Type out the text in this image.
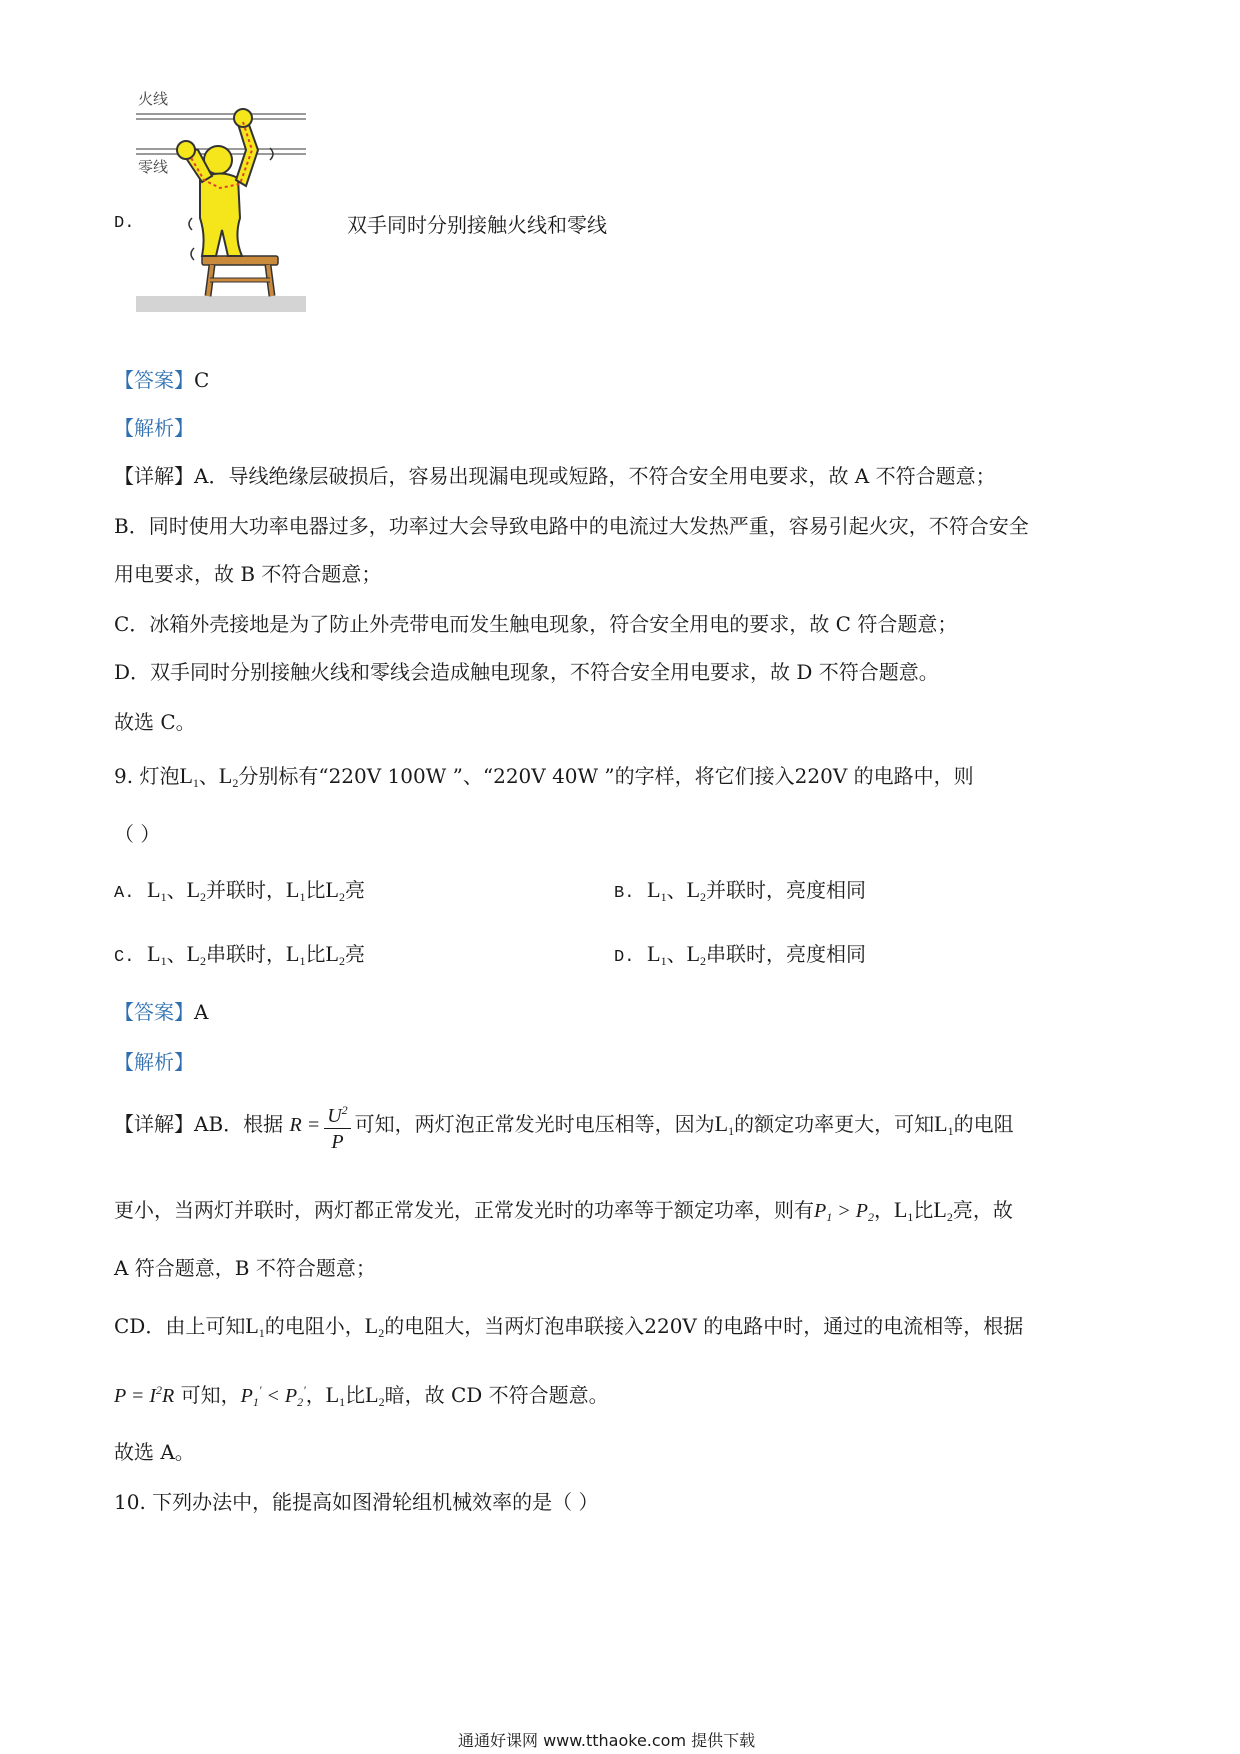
火线
零线
D.	双手同时分别接触火线和零线
【答案】C
【解析】
【详解】A．导线绝缘层破损后，容易出现漏电现或短路，不符合安全用电要求，故 A 不符合题意；
B．同时使用大功率电器过多，功率过大会导致电路中的电流过大发热严重，容易引起火灾，不符合安全
用电要求，故 B 不符合题意；
C．冰箱外壳接地是为了防止外壳带电而发生触电现象，符合安全用电的要求，故 C 符合题意；
D．双手同时分别接触火线和零线会造成触电现象，不符合安全用电要求，故 D 不符合题意。
故选 C。
9. 灯泡$L_1$、$L_2$分别标有“220V 100W ”、“220V 40W ”的字样，将它们接入220V 的电路中，则
（ ）
A. $L_1$、$L_2$并联时，$L_1$比$L_2$亮	B. $L_1$、$L_2$并联时，亮度相同
C. $L_1$、$L_2$串联时，$L_1$比$L_2$亮	D. $L_1$、$L_2$串联时，亮度相同
【答案】A
【解析】
【详解】AB．根据 $R = \frac{U^2}{P}$ 可知，两灯泡正常发光时电压相等，因为$L_1$的额定功率更大，可知$L_1$的电阻
更小，当两灯并联时，两灯都正常发光，正常发光时的功率等于额定功率，则有$P_1 > P_2$，$L_1$比$L_2$亮，故
A 符合题意，B 不符合题意；
CD．由上可知$L_1$的电阻小，$L_2$的电阻大，当两灯泡串联接入220V 的电路中时，通过的电流相等，根据
$P = I^2R$ 可知，$P_1' < P_2'$，$L_1$比$L_2$暗，故 CD 不符合题意。
故选 A。
10. 下列办法中，能提高如图滑轮组机械效率的是（ ）
通通好课网 www.tthaoke.com 提供下载
